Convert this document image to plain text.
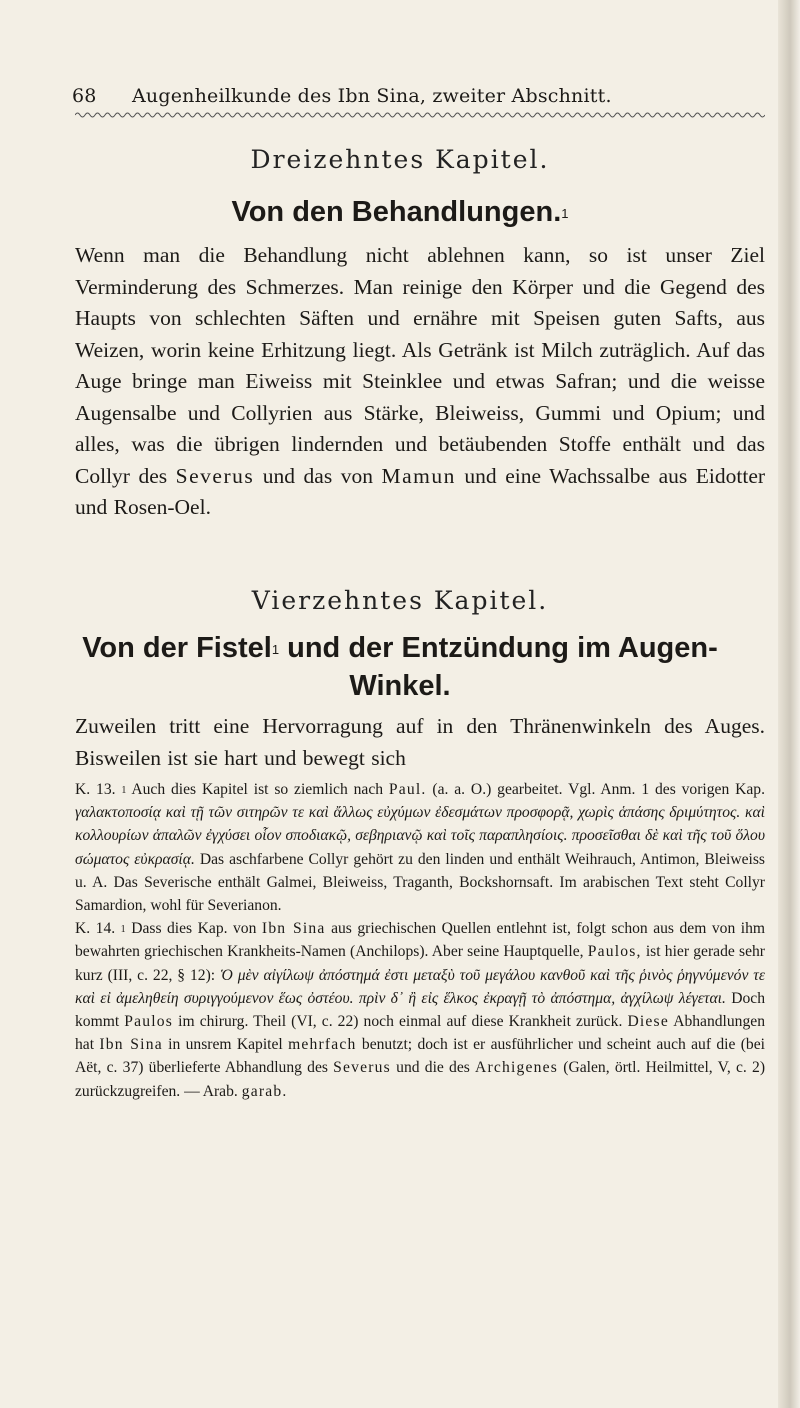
68 Augenheilkunde des Ibn Sina, zweiter Abschnitt.
Dreizehntes Kapitel.
Von den Behandlungen.$^1$
Wenn man die Behandlung nicht ablehnen kann, so ist unser Ziel Verminderung des Schmerzes. Man reinige den Körper und die Gegend des Haupts von schlechten Säften und ernähre mit Speisen guten Safts, aus Weizen, worin keine Erhitzung liegt. Als Getränk ist Milch zuträglich. Auf das Auge bringe man Eiweiss mit Steinklee und etwas Safran; und die weisse Augensalbe und Collyrien aus Stärke, Bleiweiss, Gummi und Opium; und alles, was die übrigen lindernden und betäubenden Stoffe enthält und das Collyr des Severus und das von Mamun und eine Wachssalbe aus Eidotter und Rosen-Oel.
Vierzehntes Kapitel.
Von der Fistel$^1$ und der Entzündung im Augen-Winkel.
Zuweilen tritt eine Hervorragung auf in den Thränenwinkeln des Auges. Bisweilen ist sie hart und bewegt sich
K. 13. $^1$ Auch dies Kapitel ist so ziemlich nach Paul. (a. a. O.) gearbeitet. Vgl. Anm. 1 des vorigen Kap. γαλακτοποσίᾳ καὶ τῇ τῶν σιτηρῶν τε καὶ ἄλλως εὐχύμων ἐδεσμάτων προσφορᾷ, χωρὶς ἁπάσης δριμύτητος. καὶ κολλουρίων ἁπαλῶν ἐγχύσει οἷον σποδιακῷ, σεβηριανῷ καὶ τοῖς παραπλησίοις. προσεῖσθαι δὲ καὶ τῆς τοῦ ὅλου σώματος εὐκρασίᾳ. Das aschfarbene Collyr gehört zu den linden und enthält Weihrauch, Antimon, Bleiweiss u. A. Das Severische enthält Galmei, Bleiweiss, Traganth, Bockshornsaft. Im arabischen Text steht Collyr Samardion, wohl für Severianon.
K. 14. $^1$ Dass dies Kap. von Ibn Sina aus griechischen Quellen entlehnt ist, folgt schon aus dem von ihm bewahrten griechischen Krankheits-Namen (Anchilops). Aber seine Hauptquelle, Paulos, ist hier gerade sehr kurz (III, c. 22, § 12): Ὁ μὲν αἰγίλωψ ἀπόστημά ἐστι μεταξὺ τοῦ μεγάλου κανθοῦ καὶ τῆς ῥινὸς ῥηγνύμενόν τε καὶ εἰ ἀμεληθείη συριγγούμενον ἕως ὀστέου. πρὶν δ᾽ ἢ εἰς ἕλκος ἐκραγῇ τὸ ἀπόστημα, ἀγχίλωψ λέγεται. Doch kommt Paulos im chirurg. Theil (VI, c. 22) noch einmal auf diese Krankheit zurück. Diese Abhandlungen hat Ibn Sina in unsrem Kapitel mehrfach benutzt; doch ist er ausführlicher und scheint auch auf die (bei Aët, c. 37) überlieferte Abhandlung des Severus und die des Archigenes (Galen, örtl. Heilmittel, V, c. 2) zurückzugreifen. — Arab. garab.
